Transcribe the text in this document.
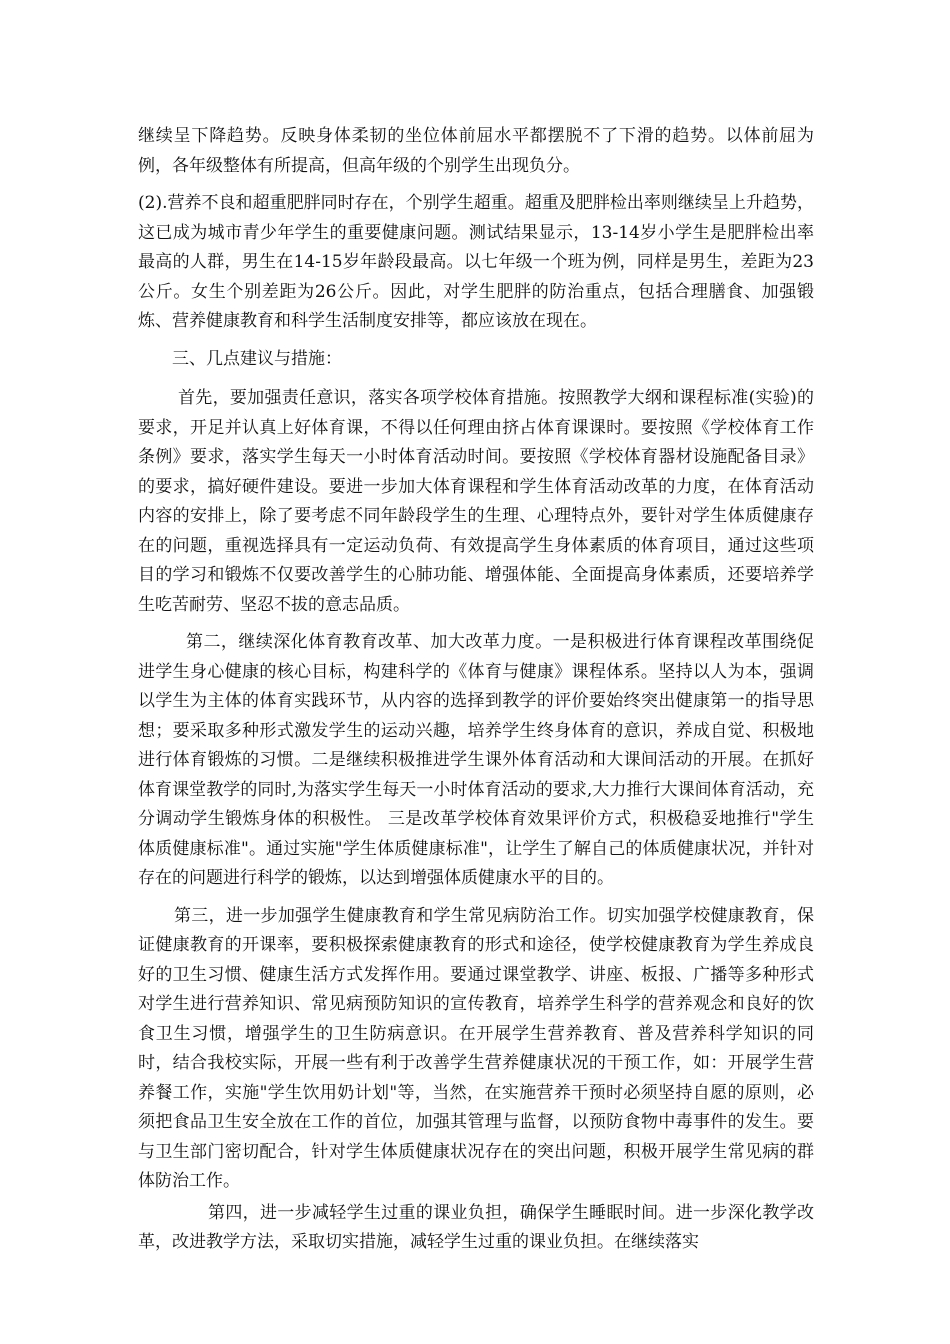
继续呈下降趋势。反映身体柔韧的坐位体前屈水平都摆脱不了下滑的趋势。以体前屈为例，各年级整体有所提高，但高年级的个别学生出现负分。

(2).营养不良和超重肥胖同时存在，个别学生超重。超重及肥胖检出率则继续呈上升趋势，这已成为城市青少年学生的重要健康问题。测试结果显示，13-14岁小学生是肥胖检出率最高的人群，男生在14-15岁年龄段最高。以七年级一个班为例，同样是男生，差距为23公斤。女生个别差距为26公斤。因此，对学生肥胖的防治重点，包括合理膳食、加强锻炼、营养健康教育和科学生活制度安排等，都应该放在现在。

三、几点建议与措施：

首先，要加强责任意识，落实各项学校体育措施。按照教学大纲和课程标准(实验)的要求，开足并认真上好体育课，不得以任何理由挤占体育课课时。要按照《学校体育工作条例》要求，落实学生每天一小时体育活动时间。要按照《学校体育器材设施配备目录》的要求，搞好硬件建设。要进一步加大体育课程和学生体育活动改革的力度，在体育活动内容的安排上，除了要考虑不同年龄段学生的生理、心理特点外，要针对学生体质健康存在的问题，重视选择具有一定运动负荷、有效提高学生身体素质的体育项目，通过这些项目的学习和锻炼不仅要改善学生的心肺功能、增强体能、全面提高身体素质，还要培养学生吃苦耐劳、坚忍不拔的意志品质。

第二，继续深化体育教育改革、加大改革力度。一是积极进行体育课程改革围绕促进学生身心健康的核心目标，构建科学的《体育与健康》课程体系。坚持以人为本，强调以学生为主体的体育实践环节，从内容的选择到教学的评价要始终突出健康第一的指导思想；要采取多种形式激发学生的运动兴趣，培养学生终身体育的意识，养成自觉、积极地进行体育锻炼的习惯。二是继续积极推进学生课外体育活动和大课间活动的开展。在抓好体育课堂教学的同时,为落实学生每天一小时体育活动的要求,大力推行大课间体育活动，充分调动学生锻炼身体的积极性。 三是改革学校体育效果评价方式，积极稳妥地推行"学生体质健康标准"。通过实施"学生体质健康标准"，让学生了解自己的体质健康状况，并针对存在的问题进行科学的锻炼，以达到增强体质健康水平的目的。

第三，进一步加强学生健康教育和学生常见病防治工作。切实加强学校健康教育，保证健康教育的开课率，要积极探索健康教育的形式和途径，使学校健康教育为学生养成良好的卫生习惯、健康生活方式发挥作用。要通过课堂教学、讲座、板报、广播等多种形式对学生进行营养知识、常见病预防知识的宣传教育，培养学生科学的营养观念和良好的饮食卫生习惯，增强学生的卫生防病意识。在开展学生营养教育、普及营养科学知识的同时，结合我校实际，开展一些有利于改善学生营养健康状况的干预工作，如：开展学生营养餐工作，实施"学生饮用奶计划"等，当然，在实施营养干预时必须坚持自愿的原则，必须把食品卫生安全放在工作的首位，加强其管理与监督，以预防食物中毒事件的发生。要与卫生部门密切配合，针对学生体质健康状况存在的突出问题，积极开展学生常见病的群体防治工作。

第四，进一步减轻学生过重的课业负担，确保学生睡眠时间。进一步深化教学改革，改进教学方法，采取切实措施，减轻学生过重的课业负担。在继续落实
